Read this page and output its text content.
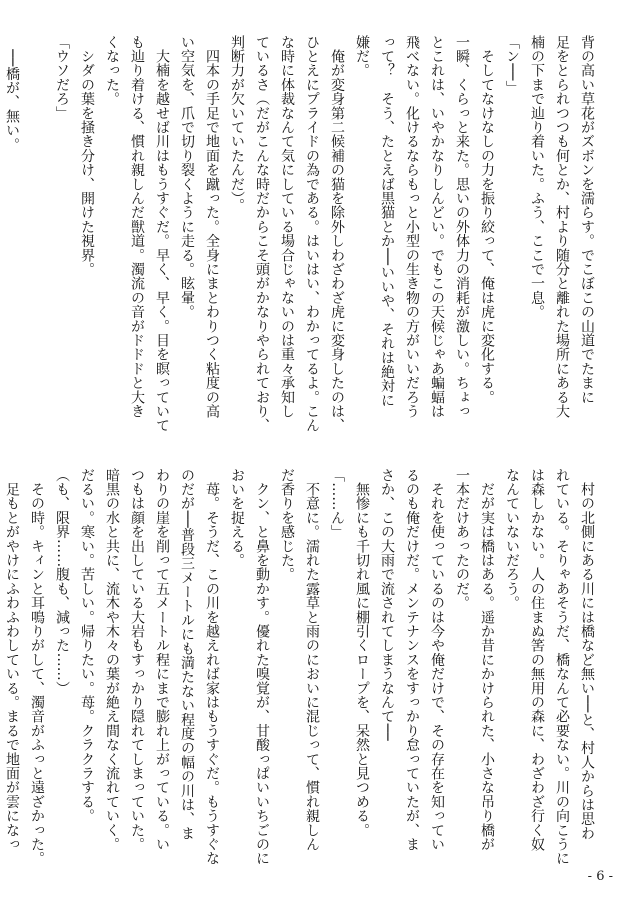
背の高い草花がズボンを濡らす。でこぼこの山道でたまに
足をとられつつも何とか、村より随分と離れた場所にある大
楠の下まで辿り着いた。ふう、ここで一息。
「ン──」
　そしてなけなしの力を振り絞って、俺は虎に変化する。
一瞬、くらっと来た。思いの外体力の消耗が激しい。ちょっ
とこれは、いやかなりしんどい。でもこの天候じゃあ蝙蝠は
飛べない。化けるならもっと小型の生き物の方がいいだろう
って？　そう、たとえば黒猫とか──いいや、それは絶対に
嫌だ。
　俺が変身第二候補の猫を除外しわざわざ虎に変身したのは、
ひとえにプライドの為である。はいはい、わかってるよ。こん
な時に体裁なんて気にしている場合じゃないのは重々承知し
ているさ（だがこんな時だからこそ頭がかなりやられており、
判断力が欠いていたんだ）。
　四本の手足で地面を蹴った。全身にまとわりつく粘度の高
い空気を、爪で切り裂くように走る。眩暈。
　大楠を越せば川はもうすぐだ。早く、早く。目を瞑っていて
も辿り着ける、慣れ親しんだ獣道。濁流の音がドドドと大き
くなった。
　シダの葉を掻き分け、開けた視界。
「ウソだろ」

　──橋が、無い。
　村の北側にある川には橋など無い──と、村人からは思わ
れている。そりゃあそうだ、橋なんて必要ない。川の向こうに
は森しかない。人の住まぬ筈の無用の森に、わざわざ行く奴
なんていないだろう。
　だが実は橋はある。遥か昔にかけられた、小さな吊り橋が
一本だけあったのだ。
　それを使っているのは今や俺だけで、その存在を知ってい
るのも俺だけだ。メンテナンスをすっかり怠っていたが、ま
さか、この大雨で流されてしまうなんて──
　無惨にも千切れ風に棚引くロープを、呆然と見つめる。
「……ん」
　不意に。濡れた露草と雨のにおいに混じって、慣れ親しん
だ香りを感じた。
　クン、と鼻を動かす。優れた嗅覚が、甘酸っぱいいちごのに
おいを捉える。
　苺。そうだ、この川を越えれば家はもうすぐだ。もうすぐな
のだが──普段三メートルにも満たない程度の幅の川は、ま
わりの崖を削って五メートル程にまで膨れ上がっている。い
つもは顔を出している大岩もすっかり隠れてしまっていた。
暗黒の水と共に、流木や木々の葉が絶え間なく流れていく。
だるい。寒い。苦しい。帰りたい。苺。クラクラする。
（も、限界……腹も、減った……）
　その時。キィンと耳鳴りがして、濁音がふっと遠ざかった。
　足もとがやけにふわふわしている。まるで地面が雲になっ
- 6 -
